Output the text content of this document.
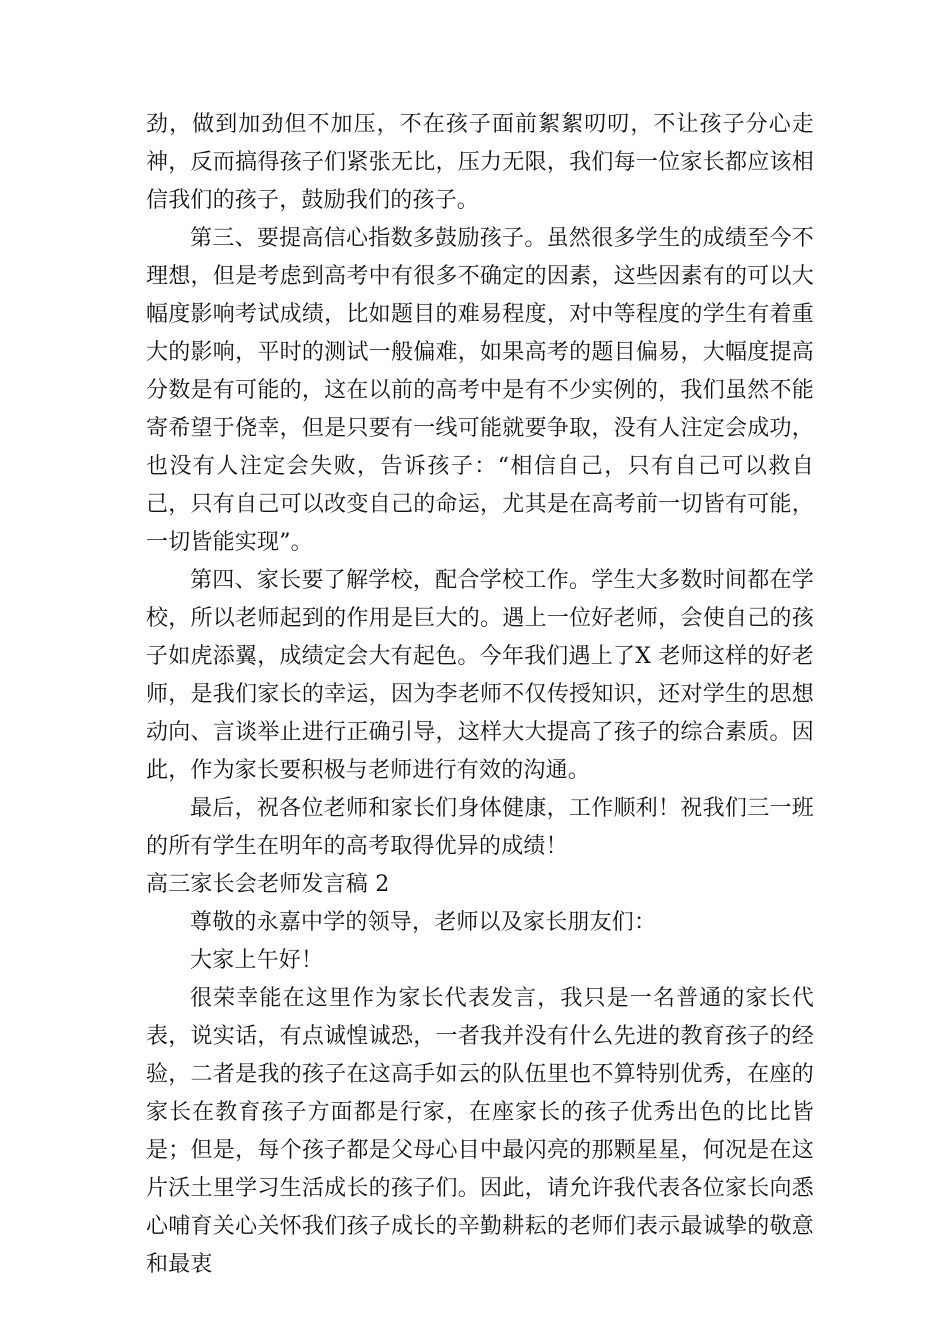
劲，做到加劲但不加压，不在孩子面前絮絮叨叨，不让孩子分心走神，反而搞得孩子们紧张无比，压力无限，我们每一位家长都应该相信我们的孩子，鼓励我们的孩子。

第三、要提高信心指数多鼓励孩子。虽然很多学生的成绩至今不理想，但是考虑到高考中有很多不确定的因素，这些因素有的可以大幅度影响考试成绩，比如题目的难易程度，对中等程度的学生有着重大的影响，平时的测试一般偏难，如果高考的题目偏易，大幅度提高分数是有可能的，这在以前的高考中是有不少实例的，我们虽然不能寄希望于侥幸，但是只要有一线可能就要争取，没有人注定会成功，也没有人注定会失败，告诉孩子：“相信自己，只有自己可以救自己，只有自己可以改变自己的命运，尤其是在高考前一切皆有可能，一切皆能实现”。

第四、家长要了解学校，配合学校工作。学生大多数时间都在学校，所以老师起到的作用是巨大的。遇上一位好老师，会使自己的孩子如虎添翼，成绩定会大有起色。今年我们遇上了X 老师这样的好老师，是我们家长的幸运，因为李老师不仅传授知识，还对学生的思想动向、言谈举止进行正确引导，这样大大提高了孩子的综合素质。因此，作为家长要积极与老师进行有效的沟通。

最后，祝各位老师和家长们身体健康，工作顺利！祝我们三一班的所有学生在明年的高考取得优异的成绩！

高三家长会老师发言稿 2

尊敬的永嘉中学的领导，老师以及家长朋友们：

大家上午好！

很荣幸能在这里作为家长代表发言，我只是一名普通的家长代表，说实话，有点诚惶诚恐，一者我并没有什么先进的教育孩子的经验，二者是我的孩子在这高手如云的队伍里也不算特别优秀，在座的家长在教育孩子方面都是行家，在座家长的孩子优秀出色的比比皆是；但是，每个孩子都是父母心目中最闪亮的那颗星星，何况是在这片沃土里学习生活成长的孩子们。因此，请允许我代表各位家长向悉心哺育关心关怀我们孩子成长的辛勤耕耘的老师们表示最诚挚的敬意和最衷
